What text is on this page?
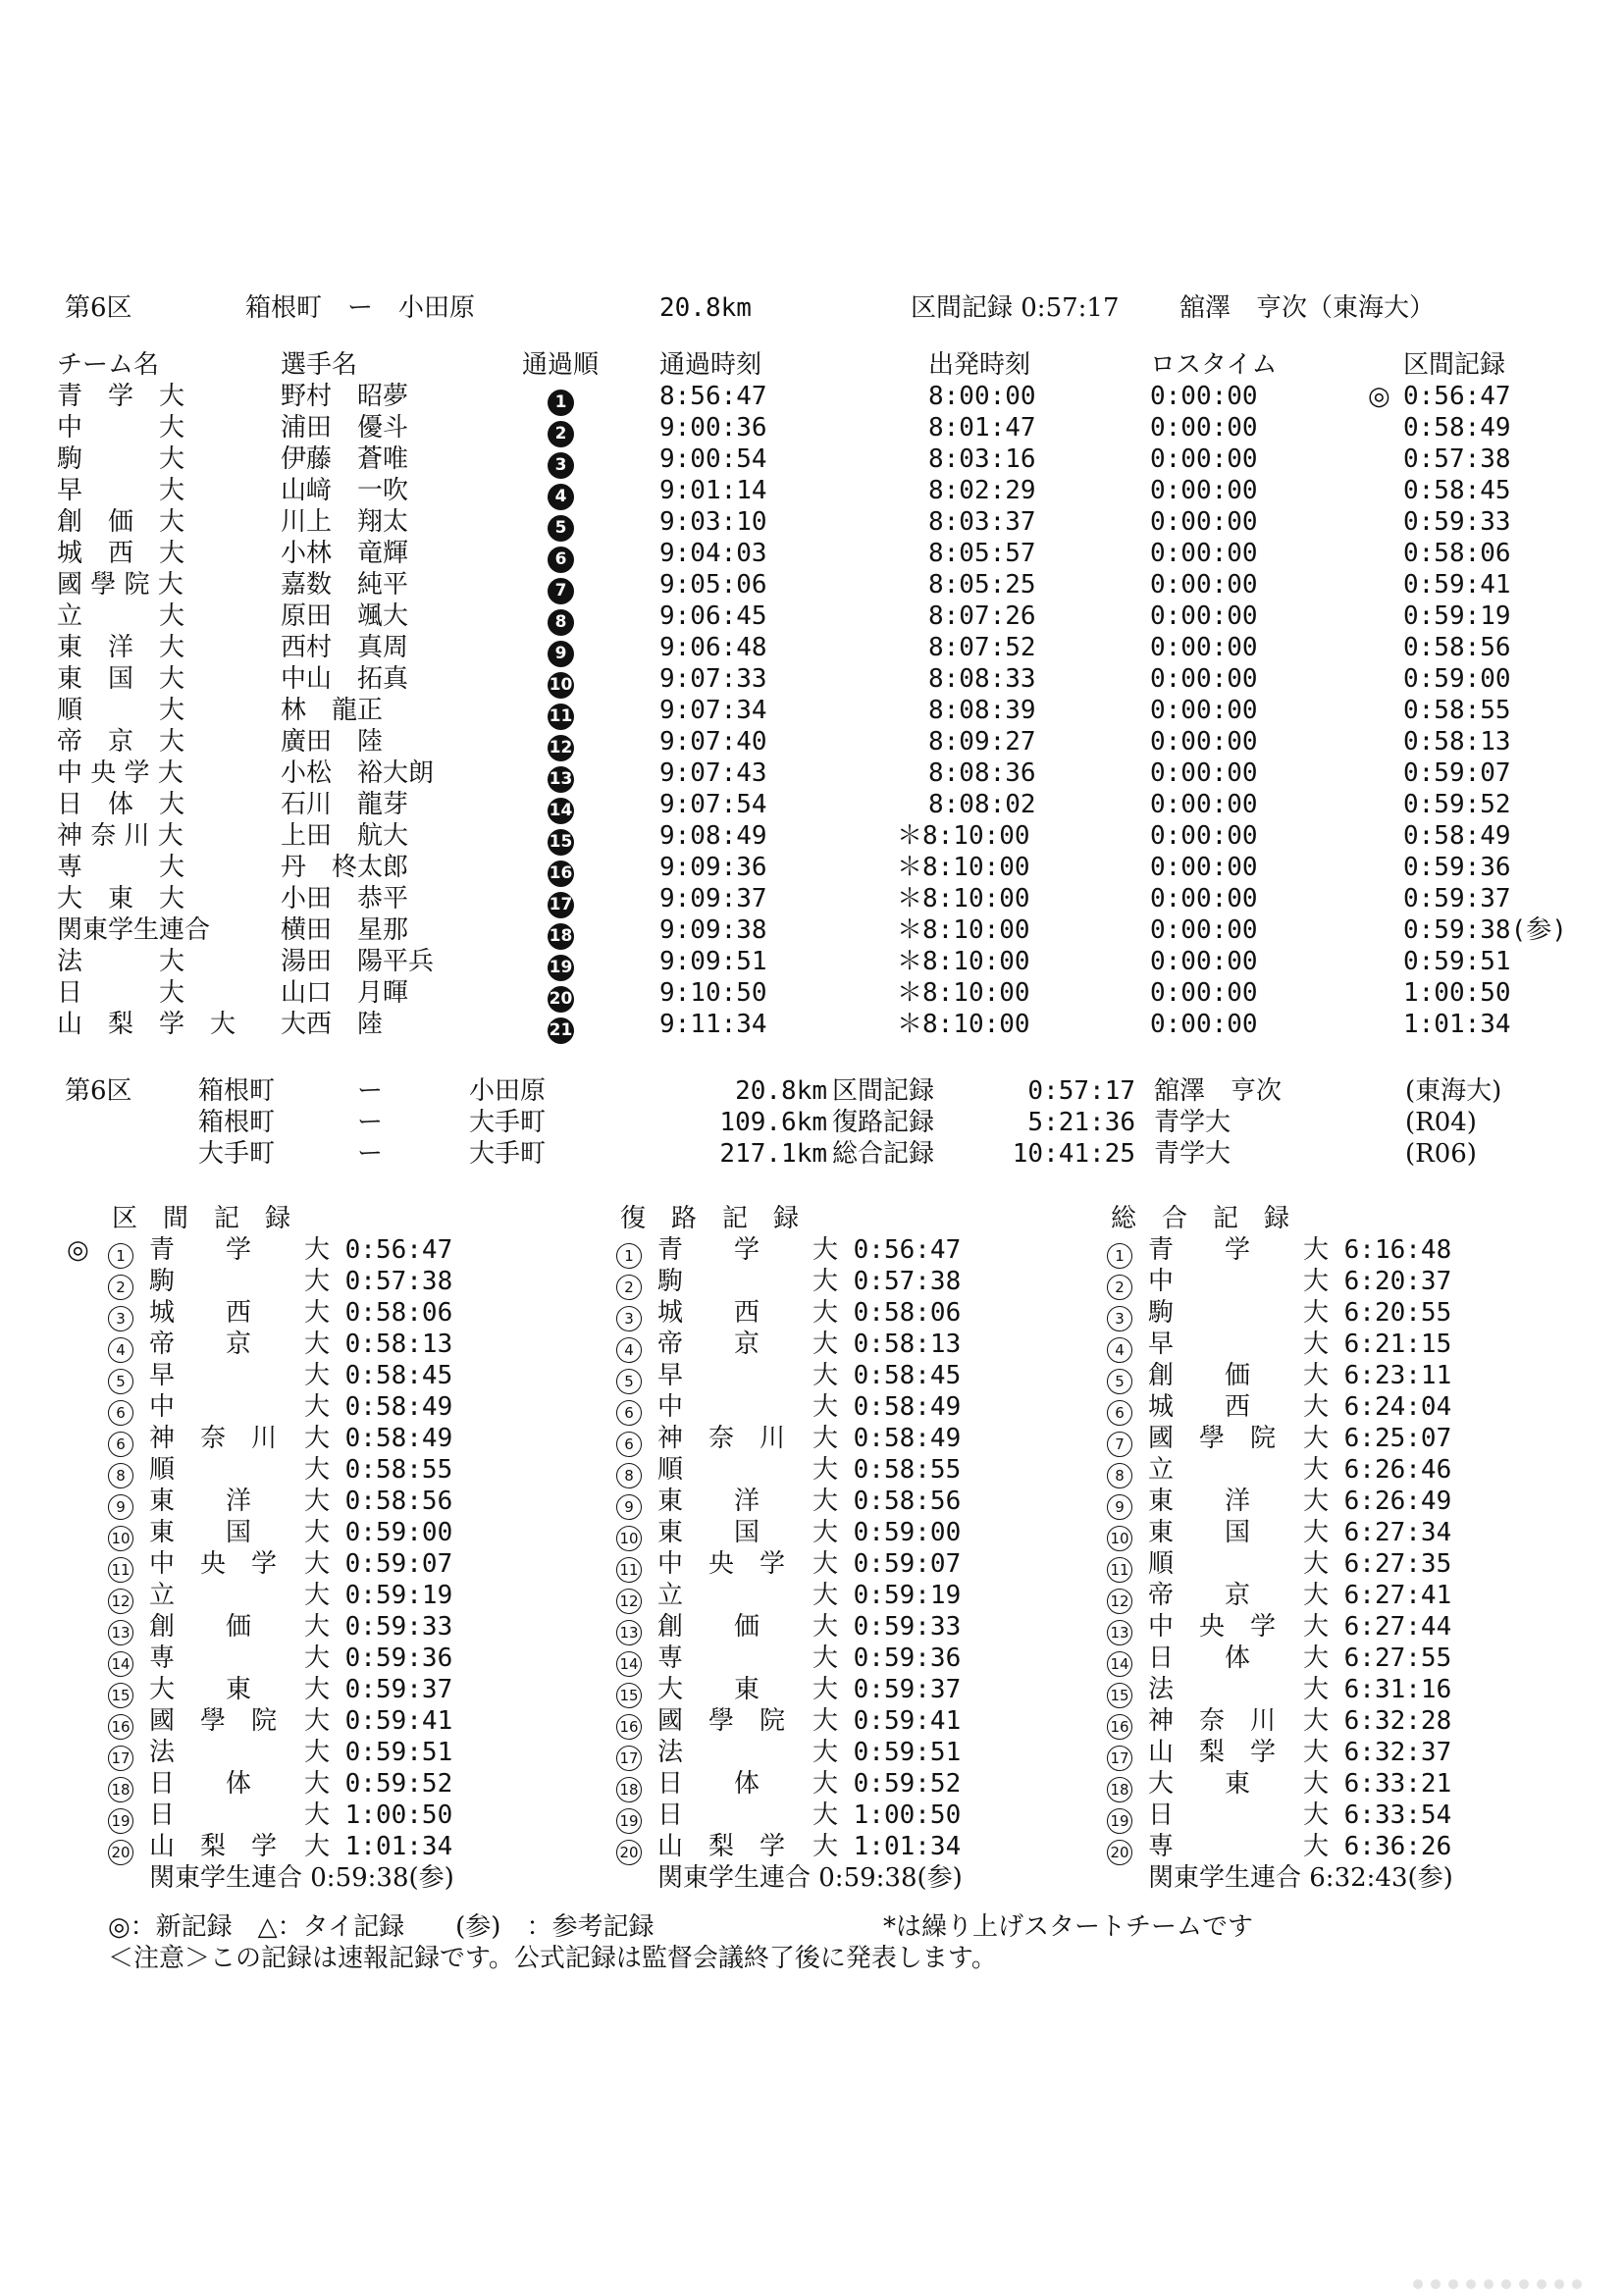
第6区	箱根町　ー　小田原	20.8km	区間記録 0:57:17 舘澤　亨次（東海大）
チーム名	選手名	通過順 通過時刻	出発時刻	ロスタイム	区間記録
青　学　大	野村　昭夢	1	8:56:47	8:00:00	0:00:00	◎ 0:56:47
中　　　大	浦田　優斗	2	9:00:36	8:01:47	0:00:00	0:58:49
駒　　　大	伊藤　蒼唯	3	9:00:54	8:03:16	0:00:00	0:57:38
早　　　大	山﨑　一吹	4	9:01:14	8:02:29	0:00:00	0:58:45
創　価　大	川上　翔太	5	9:03:10	8:03:37	0:00:00	0:59:33
城　西　大	小林　竜輝	6	9:04:03	8:05:57	0:00:00	0:58:06
國 學 院 大	嘉数　純平	7	9:05:06	8:05:25	0:00:00	0:59:41
立　　　大	原田　颯大	8	9:06:45	8:07:26	0:00:00	0:59:19
東　洋　大	西村　真周	9	9:06:48	8:07:52	0:00:00	0:58:56
東　国　大	中山　拓真	10	9:07:33	8:08:33	0:00:00	0:59:00
順　　　大	林　龍正	11	9:07:34	8:08:39	0:00:00	0:58:55
帝　京　大	廣田　陸	12	9:07:40	8:09:27	0:00:00	0:58:13
中 央 学 大	小松　裕大朗	13	9:07:43	8:08:36	0:00:00	0:59:07
日　体　大	石川　龍芽	14	9:07:54	8:08:02	0:00:00	0:59:52
神 奈 川 大	上田　航大	15	9:08:49	＊8:10:00	0:00:00	0:58:49
専　　　大	丹　柊太郎	16	9:09:36	＊8:10:00	0:00:00	0:59:36
大　東　大	小田　恭平	17	9:09:37	＊8:10:00	0:00:00	0:59:37
関東学生連合	横田　星那	18	9:09:38	＊8:10:00	0:00:00	0:59:38(参)
法　　　大	湯田　陽平兵	19	9:09:51	＊8:10:00	0:00:00	0:59:51
日　　　大	山口　月暉	20	9:10:50	＊8:10:00	0:00:00	1:00:50
山　梨　学　大 大西　陸	21	9:11:34	＊8:10:00	0:00:00	1:01:34
第6区	箱根町	ー	小田原	20.8km 区間記録	0:57:17 舘澤　亨次	(東海大)
箱根町	ー	大手町	109.6km 復路記録	5:21:36 青学大	(R04)
大手町	ー	大手町	217.1km 総合記録	10:41:25 青学大	(R06)
区　間　記　録
◎	1 青　　学 大 0:56:47
2 駒	大 0:57:38
3 城　　西 大 0:58:06
4 帝　　京 大 0:58:13
5 早	大 0:58:45
6 中	大 0:58:49
6 神　奈　川 大 0:58:49
8 順	大 0:58:55
9 東　　洋 大 0:58:56
10 東　　国 大 0:59:00
11 中　央　学 大 0:59:07
12 立	大 0:59:19
13 創　　価 大 0:59:33
14 専	大 0:59:36
15 大　　東 大 0:59:37
16 國　學　院 大 0:59:41
17 法	大 0:59:51
18 日　　体 大 0:59:52
19 日	大 1:00:50
20 山　梨　学 大 1:01:34
関東学生連合 0:59:38(参)
復　路　記　録
1 青　　学 大 0:56:47
2 駒	大 0:57:38
3 城　　西 大 0:58:06
4 帝　　京 大 0:58:13
5 早	大 0:58:45
6 中	大 0:58:49
6 神　奈　川 大 0:58:49
8 順	大 0:58:55
9 東　　洋 大 0:58:56
10 東　　国 大 0:59:00
11 中　央　学 大 0:59:07
12 立	大 0:59:19
13 創　　価 大 0:59:33
14 専	大 0:59:36
15 大　　東 大 0:59:37
16 國　學　院 大 0:59:41
17 法	大 0:59:51
18 日　　体 大 0:59:52
19 日	大 1:00:50
20 山　梨　学 大 1:01:34
関東学生連合 0:59:38(参)
総　合　記　録
1 青　　学 大 6:16:48
2 中	大 6:20:37
3 駒	大 6:20:55
4 早	大 6:21:15
5 創　　価 大 6:23:11
6 城　　西 大 6:24:04
7 國　學　院 大 6:25:07
8 立	大 6:26:46
9 東　　洋 大 6:26:49
10 東　　国 大 6:27:34
11 順	大 6:27:35
12 帝　　京 大 6:27:41
13 中　央　学 大 6:27:44
14 日　　体 大 6:27:55
15 法	大 6:31:16
16 神　奈　川 大 6:32:28
17 山　梨　学 大 6:32:37
18 大　　東 大 6:33:21
19 日	大 6:33:54
20 専	大 6:36:26
関東学生連合 6:32:43(参)
◎：新記録　△：タイ記録　　(参)　：参考記録	*は繰り上げスタートチームです
＜注意＞この記録は速報記録です。公式記録は監督会議終了後に発表します。
